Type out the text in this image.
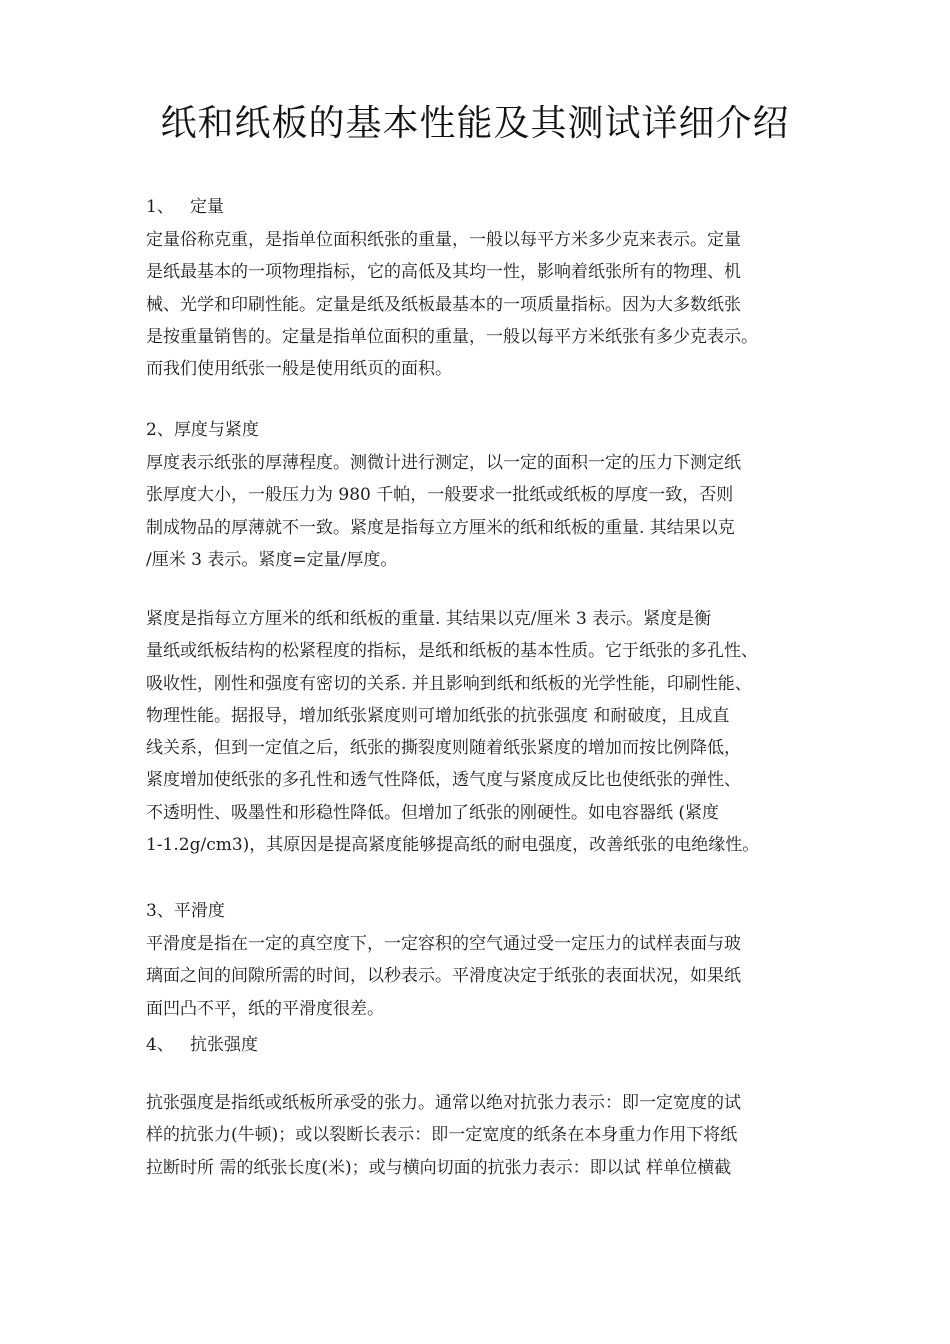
纸和纸板的基本性能及其测试详细介绍
1、   定量

定量俗称克重，是指单位面积纸张的重量，一般以每平方米多少克来表示。定量
是纸最基本的一项物理指标，它的高低及其均一性，影响着纸张所有的物理、机
械、光学和印刷性能。定量是纸及纸板最基本的一项质量指标。因为大多数纸张
是按重量销售的。定量是指单位面积的重量，一般以每平方米纸张有多少克表示。
而我们使用纸张一般是使用纸页的面积。

2、厚度与紧度

厚度表示纸张的厚薄程度。测微计进行测定，以一定的面积一定的压力下测定纸
张厚度大小，一般压力为 980 千帕，一般要求一批纸或纸板的厚度一致，否则
制成物品的厚薄就不一致。紧度是指每立方厘米的纸和纸板的重量. 其结果以克
/厘米 3 表示。紧度=定量/厚度。

紧度是指每立方厘米的纸和纸板的重量. 其结果以克/厘米 3 表示。紧度是衡
量纸或纸板结构的松紧程度的指标，是纸和纸板的基本性质。它于纸张的多孔性、
吸收性，刚性和强度有密切的关系. 并且影响到纸和纸板的光学性能，印刷性能、
物理性能。据报导，增加纸张紧度则可增加纸张的抗张强度 和耐破度，且成直
线关系，但到一定值之后，纸张的撕裂度则随着纸张紧度的增加而按比例降低，
紧度增加使纸张的多孔性和透气性降低，透气度与紧度成反比也使纸张的弹性、
不透明性、吸墨性和形稳性降低。但增加了纸张的刚硬性。如电容器纸 (紧度
1-1.2g/cm3)，其原因是提高紧度能够提高纸的耐电强度，改善纸张的电绝缘性。

3、平滑度

平滑度是指在一定的真空度下，一定容积的空气通过受一定压力的试样表面与玻
璃面之间的间隙所需的时间，以秒表示。平滑度决定于纸张的表面状况，如果纸
面凹凸不平，纸的平滑度很差。

4、   抗张强度

抗张强度是指纸或纸板所承受的张力。通常以绝对抗张力表示：即一定宽度的试
样的抗张力(牛顿)；或以裂断长表示：即一定宽度的纸条在本身重力作用下将纸
拉断时所 需的纸张长度(米)；或与横向切面的抗张力表示：即以试 样单位横截
